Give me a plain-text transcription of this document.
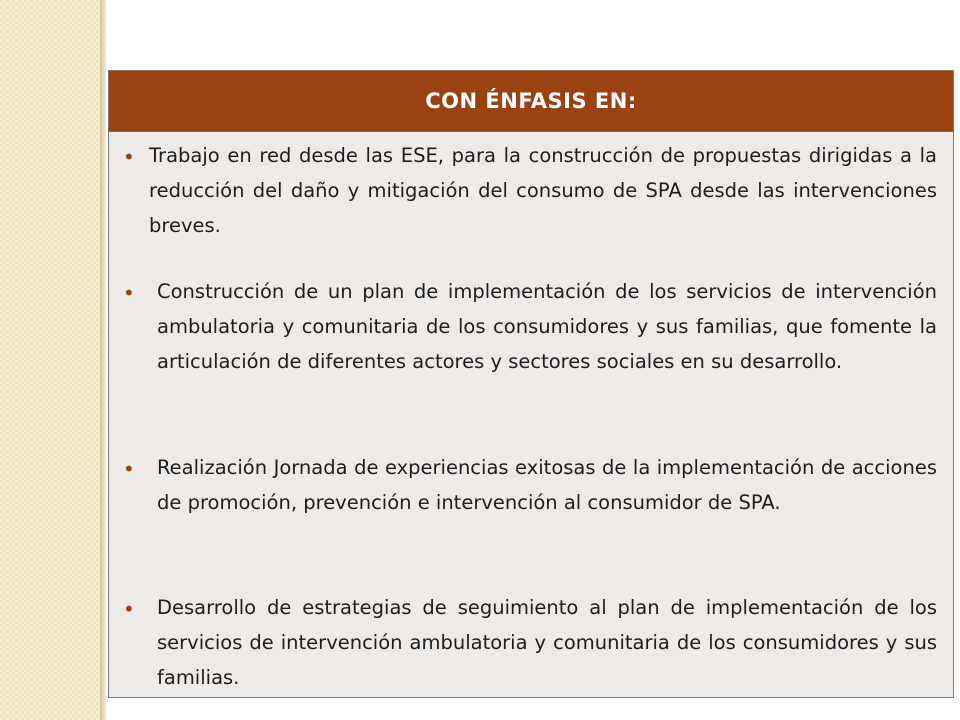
CON ÉNFASIS EN:
• Trabajo en red desde las ESE, para la construcción de propuestas dirigidas a la reducción del daño y mitigación del consumo de SPA desde las intervenciones breves.
• Construcción de un plan de implementación de los servicios de intervención ambulatoria y comunitaria de los consumidores y sus familias, que fomente la articulación de diferentes actores y sectores sociales en su desarrollo.
• Realización Jornada de experiencias exitosas de la implementación de acciones de promoción, prevención e intervención al consumidor de SPA.
• Desarrollo de estrategias de seguimiento al plan de implementación de los servicios de intervención ambulatoria y comunitaria de los consumidores y sus familias.
